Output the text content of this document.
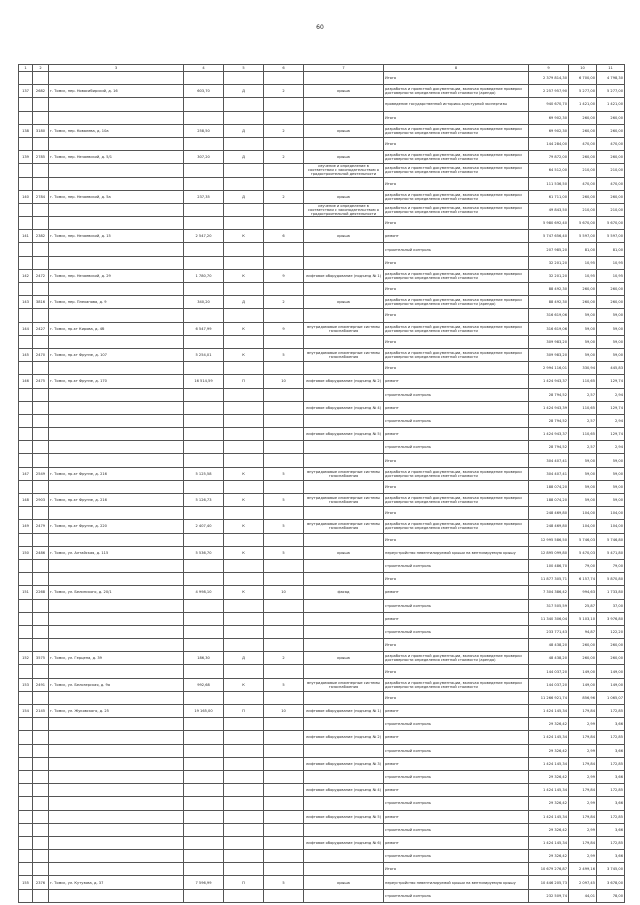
60
1	2	3	4	5	6	7	8	9	10	11
							Итого	2 379 814,30	6 700,00	4 798,30
137	2682	г. Томск, пер. Новосибирский, д. 16	603,70	Д	2	крыша	разработка и проектной документации, включая проведение проверки достоверности определения сметной стоимости (аренда)	2 257 957,90	5 277,00	5 277,00
							проведение государственной историко-культурной экспертизы	940 670,70	1 421,00	1 421,00
							Итого	69 902,30	260,00	260,00
138	3180	г. Томск, пер. Ковалева, д. 10а	258,50	Д	2	крыша	разработка и проектной документации, включая проведение проверки достоверности определения сметной стоимости	69 902,30	260,00	260,00
							Итого	144 284,00	470,00	470,00
139	2785	г. Томск, пер. Нечаевский, д. 5/1	307,20	Д	2	крыша	разработка и проектной документации, включая проведение проверки достоверности определения сметной стоимости	79 872,00	260,00	260,00
						изучение и определение в соответствии с законодательством о градостроительной деятельности	разработка и проектной документации, включая проведение проверки достоверности определения сметной стоимости	64 512,00	210,00	210,00
							Итого	111 536,50	470,00	470,00
140	2784	г. Томск, пер. Нечаевский, д. 5а	237,35	Д	2	крыша	разработка и проектной документации, включая проведение проверки достоверности определения сметной стоимости	61 711,00	260,00	260,00
						изучение и определение в соответствии с законодательством о градостроительной деятельности	разработка и проектной документации, включая проведение проверки достоверности определения сметной стоимости	49 843,50	210,00	210,00
							Итого	5 980 692,40	5 670,00	5 670,00
141	2382	г. Томск, пер. Нечаевский, д. 15	2 547,20	К	6	крыша	ремонт	5 747 656,40	5 597,00	5 597,00
							строительный контроль	207 985,20	81,00	81,00
							Итого	32 201,20	10,95	10,95
142	2472	г. Томск, пер. Нечаевский, д. 29	1 780,70	К	9	лифтовое оборудование (подъезд № 1)	разработка и проектной документации, включая проведение проверки достоверности определения сметной стоимости	32 201,20	10,95	10,95
							Итого	88 492,30	260,00	260,00
143	3816	г. Томск, пер. Плеханова, д. 9	340,20	Д	2	крыша	разработка и проектной документации, включая проведение проверки достоверности определения сметной стоимости (аренда)	88 492,30	260,00	260,00
							Итого	316 619,06	59,00	59,00
144	2427	г. Томск, пр-кт Кирова, д. 4б	6 547,99	К	9	внутридомовые инженерные системы газоснабжения	разработка и проектной документации, включая проведение проверки достоверности определения сметной стоимости	316 619,06	59,00	59,00
							Итого	309 983,20	59,00	59,00
145	2470	г. Томск, пр-кт Фрунзе, д. 107	5 254,01	К	5	внутридомовые инженерные системы газоснабжения	разработка и проектной документации, включая проведение проверки достоверности определения сметной стоимости	309 983,20	59,00	59,00
							Итого	2 994 116,01	330,94	445,83
146	2475	г. Томск, пр-кт Фрунзе, д. 170	16 514,59	П	10	лифтовое оборудование (подъезд № 2)	ремонт	1 424 943,37	110,65	129,74
							строительный контроль	28 794,52	2,57	2,94
						лифтовое оборудование (подъезд № 4)	ремонт	1 424 943,39	110,65	129,74
							строительный контроль	28 794,52	2,57	2,94
						лифтовое оборудование (подъезд № 5)	ремонт	1 424 943,37	110,65	129,74
							строительный контроль	28 794,52	2,57	2,94
							Итого	304 407,41	59,00	59,00
147	2549	г. Томск, пр-кт Фрунзе, д. 216	5 125,58	К	5	внутридомовые инженерные системы газоснабжения	разработка и проектной документации, включая проведение проверки достоверности определения сметной стоимости	304 407,41	59,00	59,00
							Итого	188 074,20	59,00	59,00
148	2903	г. Томск, пр-кт Фрунзе, д. 216	5 126,73	К	5	внутридомовые инженерные системы газоснабжения	разработка и проектной документации, включая проведение проверки достоверности определения сметной стоимости	188 074,20	59,00	59,00
							Итого	248 469,80	104,00	104,00
149	2479	г. Томск, пр-кт Фрунзе, д. 220	2 407,40	К	5	внутридомовые инженерные системы газоснабжения	разработка и проектной документации, включая проведение проверки достоверности определения сметной стоимости	248 469,80	104,00	104,00
							Итого	12 995 586,50	5 746,03	5 746,80
150	2486	г. Томск, ул. Алтайская, д. 115	5 536,70	К	5	крыша	переустройство невентилируемой крыши на вентилируемую крышу	12 895 099,80	5 470,03	5 471,80
							строительный контроль	100 486,70	79,00	79,00
							Итого	11 877 305,71	6 157,74	5 870,80
151	2268	г. Томск, ул. Белинского, д. 20/1	4 998,10	К	10	фасад	ремонт	7 304 386,42	994,63	1 733,80
							строительный контроль	317 505,59	25,87	37,00
							ремонт	11 340 306,04	5 103,10	3 976,80
							строительный контроль	233 771,43	94,87	122,20
							Итого	48 438,20	260,00	260,00
152	3575	г. Томск, ул. Герцена, д. 39	186,30	Д	2	крыша	разработка и проектной документации, включая проведение проверки достоверности определения сметной стоимости (аренда)	48 438,20	260,00	260,00
							Итого	144 037,20	149,00	149,00
153	2491	г. Томск, ул. Белозерская, д. 9а	992,68	К	5	внутридомовые инженерные системы газоснабжения	разработка и проектной документации, включая проведение проверки достоверности определения сметной стоимости	144 037,20	149,00	149,00
							Итого	11 266 921,74	856,96	1 065,07
154	2145	г. Томск, ул. Жуковского, д. 25	19 165,00	П	10	лифтовое оборудование (подъезд № 1)	ремонт	1 424 145,34	179,84	172,85
							строительный контроль	29 326,42	2,99	3,66
						лифтовое оборудование (подъезд № 2)	ремонт	1 424 145,34	179,84	172,85
							строительный контроль	29 326,42	2,99	3,66
						лифтовое оборудование (подъезд № 3)	ремонт	1 424 145,34	179,84	172,85
							строительный контроль	29 326,42	2,99	3,66
						лифтовое оборудование (подъезд № 4)	ремонт	1 424 145,34	179,84	172,85
							строительный контроль	29 326,42	2,99	3,66
						лифтовое оборудование (подъезд № 5)	ремонт	1 424 145,34	179,84	172,85
							строительный контроль	29 326,42	2,99	3,66
						лифтовое оборудование (подъезд № 6)	ремонт	1 424 145,34	179,84	172,85
							строительный контроль	29 326,42	2,99	3,66
							Итого	10 679 276,87	2 499,16	3 745,00
155	2376	г. Томск, ул. Кутузова, д. 37	7 596,99	П	5	крыша	переустройство невентилируемой крыши на вентилируемую крышу	10 446 205,73	2 097,45	3 678,00
							строительный контроль	232 509,74	44,01	78,00
